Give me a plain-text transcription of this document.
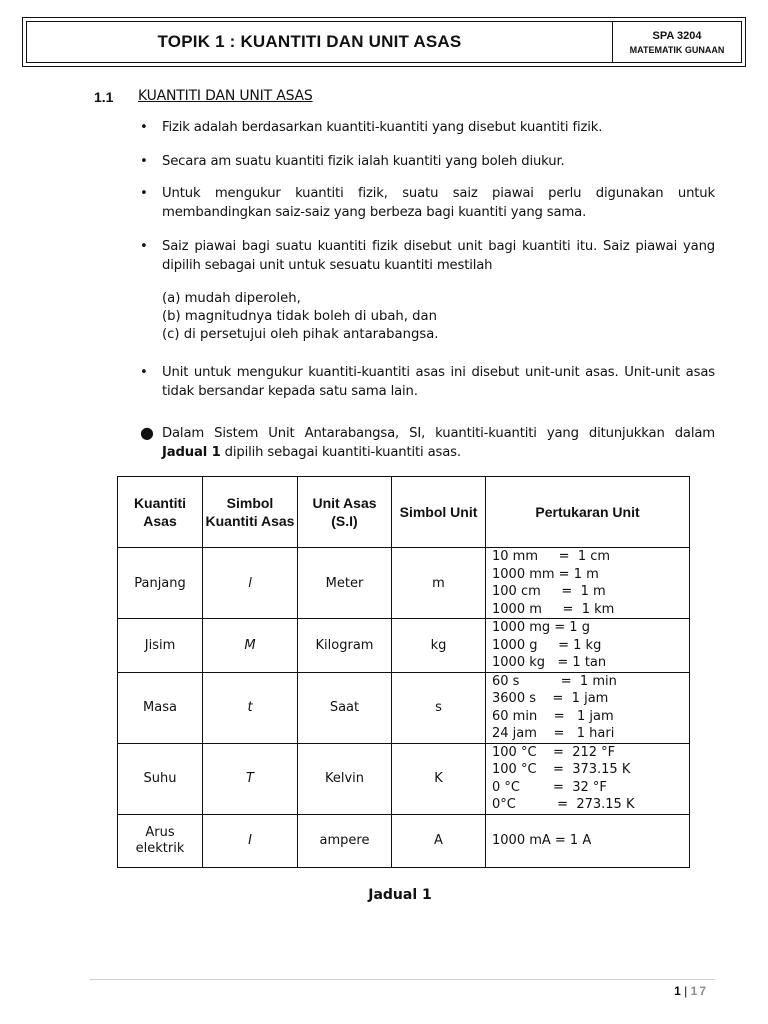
TOPIK 1 : KUANTITI DAN UNIT ASAS	SPA 3204
MATEMATIK GUNAAN
1.1 KUANTITI DAN UNIT ASAS
• Fizik adalah berdasarkan kuantiti-kuantiti yang disebut kuantiti fizik.
• Secara am suatu kuantiti fizik ialah kuantiti yang boleh diukur.
• Untuk mengukur kuantiti fizik, suatu saiz piawai perlu digunakan untuk membandingkan saiz-saiz yang berbeza bagi kuantiti yang sama.
• Saiz piawai bagi suatu kuantiti fizik disebut unit bagi kuantiti itu. Saiz piawai yang dipilih sebagai unit untuk sesuatu kuantiti mestilah
(a) mudah diperoleh,
(b) magnitudnya tidak boleh di ubah, dan
(c) di persetujui oleh pihak antarabangsa.
• Unit untuk mengukur kuantiti-kuantiti asas ini disebut unit-unit asas. Unit-unit asas tidak bersandar kepada satu sama lain.
● Dalam Sistem Unit Antarabangsa, SI, kuantiti-kuantiti yang ditunjukkan dalam Jadual 1 dipilih sebagai kuantiti-kuantiti asas.
Kuantiti Asas	Simbol Kuantiti Asas	Unit Asas (S.I)	Simbol Unit	Pertukaran Unit
Panjang	l	Meter	m	10 mm     =  1 cm
1000 mm = 1 m
100 cm     =  1 m
1000 m     =  1 km
Jisim	M	Kilogram	kg	1000 mg = 1 g
1000 g     = 1 kg
1000 kg   = 1 tan
Masa	t	Saat	s	60 s          =  1 min
3600 s    =  1 jam
60 min    =   1 jam
24 jam    =   1 hari
Suhu	T	Kelvin	K	100 °C    =  212 °F
100 °C    =  373.15 K
0 °C        =  32 °F
0°C          =  273.15 K
Arus elektrik	I	ampere	A	1000 mA = 1 A
Jadual 1
1 | 17
